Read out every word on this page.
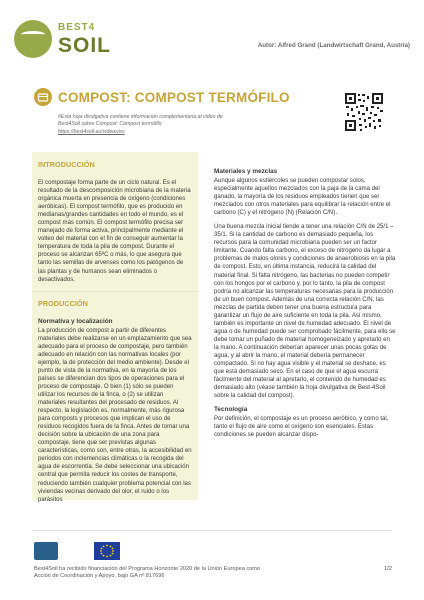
BEST4
SOIL	Autor: Alfred Grand (Landwirtschaft Grand, Austria)
COMPOST: COMPOST TERMÓFILO
#Esta hoja divulgativa contiene información complementaria al video de
Best4Soil sobre Compost: Compost termófilo
https://best4soil.eu/videos/es
INTRODUCCIÓN

El compostaje forma parte de un ciclo natural. Es el resultado de la descomposición microbiana de la materia orgánica muerta en presencia de oxígeno (condiciones aeróbicas). El compost termófilo, que es producido en medianas/grandes cantidades en todo el mundo, es el compost más común. El compost termófilo precisa ser manejado de forma activa, principalmente mediante el volteo del material con el fin de conseguir aumentar la temperatura de toda la pila de compost. Durante el proceso se alcanzan 65ºC o más, lo que asegura que tanto las semillas de arvenses como los patógenos de las plantas y de humanos sean eliminados o desactivados.

PRODUCCIÓN
Normativa y localización

La producción de compost a partir de diferentes materiales debe realizarse en un emplazamiento que sea adecuado para el proceso de compostaje, pero también adecuado en relación con las normativas locales (por ejemplo, la de protección del medio ambiente). Desde el punto de vista de la normativa, en la mayoría de los países se diferencian dos tipos de operaciones para el proceso de compostaje. O bien (1) sólo se pueden utilizar los recursos de la finca, o (2) se utilizan materiales resultantes del procesado de residuos. Al respecto, la legislación es, normalmente, más rigurosa para composts y procesos que implican el uso de residuos recogidos fuera de la finca. Antes de tomar una decisión sobre la ubicación de una zona para compostaje, tiene que ser previstas algunas características, como son, entre otras, la accesibilidad en periodos con inclemencias climáticas o la recogida del agua de escorrentía. Se debe seleccionar una ubicación central que permita reducir los costes de transporte, reduciendo también cualquier problema potencial con las viviendas vecinas derivado del olor, el ruido o los parásitos

Materiales y mezclas

Aunque algunos estiércoles se pueden compostar solos, especialmente aquellos mezclados con la paja de la cama del ganado, la mayoría de los residuos empleados tienen que ser mezclados con otros materiales para equilibrar la relación entre el carbono (C) y el nitrógeno (N) (Relación C/N).

Una buena mezcla inicial tiende a tener una relación C/N de 25/1 – 35/1. Si la cantidad de carbono es demasiado pequeña, los recursos para la comunidad microbiana pueden ser un factor limitante. Cuando falta carbono, el exceso de nitrógeno da lugar a problemas de malos olores y condiciones de anaerobiosis en la pila de compost. Esto, en última instancia, reducirá la calidad del material final. Si falta nitrógeno, las bacterias no pueden competir con los hongos por el carbono y, por lo tanto, la pila de compost podría no alcanzar las temperaturas necesarias para la producción de un buen compost. Además de una correcta relación C/N, las mezclas de partida deben tener una buena estructura para garantizar un flujo de aire suficiente en toda la pila. Así mismo, también es importante un nivel de humedad adecuado. El nivel de agua o de humedad puede ser comprobado fácilmente, para ello se debe tomar un puñado de material homogeneizado y apretarlo en la mano. A continuación deberían aparecer unas pocas gotas de agua, y al abrir la mano, el material debería permanecer compactado. Si no hay agua visible y el material se deshace, es que está demasiado seco. En el caso de que el agua escurra fácilmente del material al apretarlo, el contenido de humedad es demasiado alto (véase también la hoja divulgativa de Best-4Soil sobre la calidad del compost).

Tecnología

Por definición, el compostaje es un proceso aeróbico, y como tal, tanto el flujo de aire como el oxígeno son esenciales. Estas condiciones se pueden alcanzar dispo-

Best4Soil ha recibido financiación del Programa Horizonte 2020 de la Unión Europea como Acción de Coordinación y Apoyo, bajo GA nº 817696
1/2
